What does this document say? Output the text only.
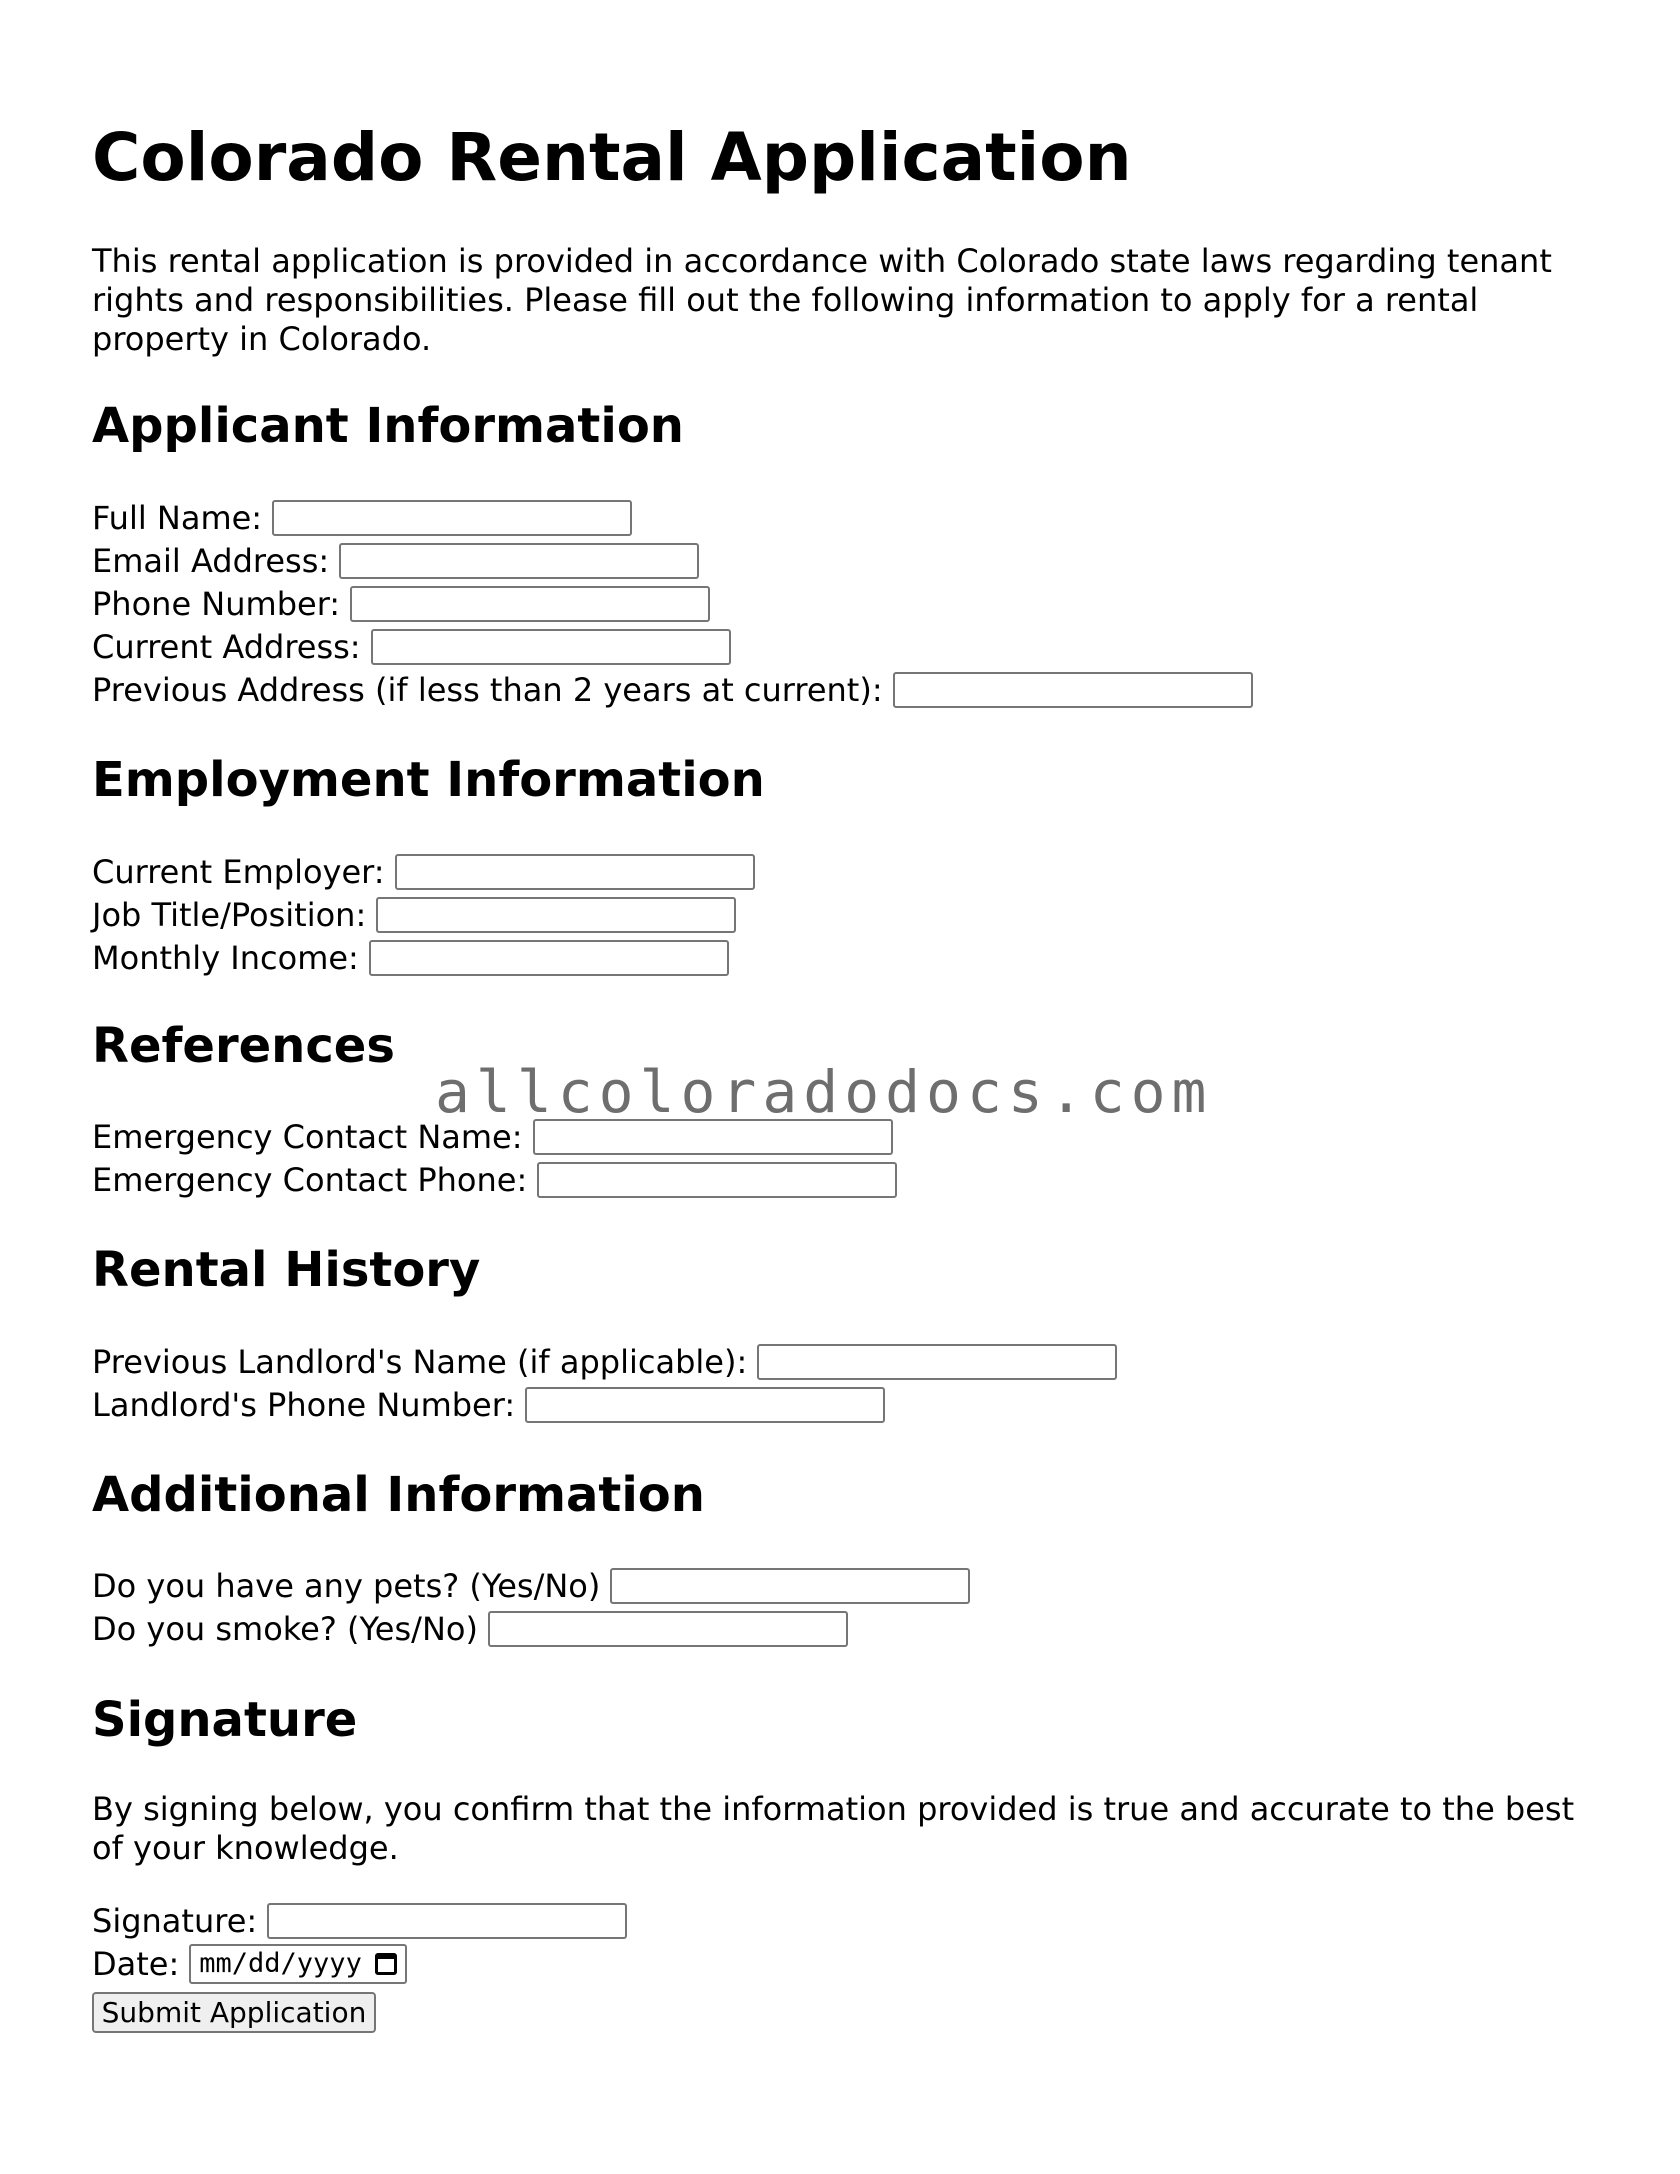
Colorado Rental Application
This rental application is provided in accordance with Colorado state laws regarding tenant rights and responsibilities. Please fill out the following information to apply for a rental property in Colorado.
Applicant Information
Full Name:
Email Address:
Phone Number:
Current Address:
Previous Address (if less than 2 years at current):
Employment Information
Current Employer:
Job Title/Position:
Monthly Income:
References
Emergency Contact Name:
Emergency Contact Phone:
Rental History
Previous Landlord's Name (if applicable):
Landlord's Phone Number:
Additional Information
Do you have any pets? (Yes/No)
Do you smoke? (Yes/No)
Signature
By signing below, you confirm that the information provided is true and accurate to the best of your knowledge.
Signature:
Date: mm/dd/yyyy
Submit Application
allcoloradodocs.com
